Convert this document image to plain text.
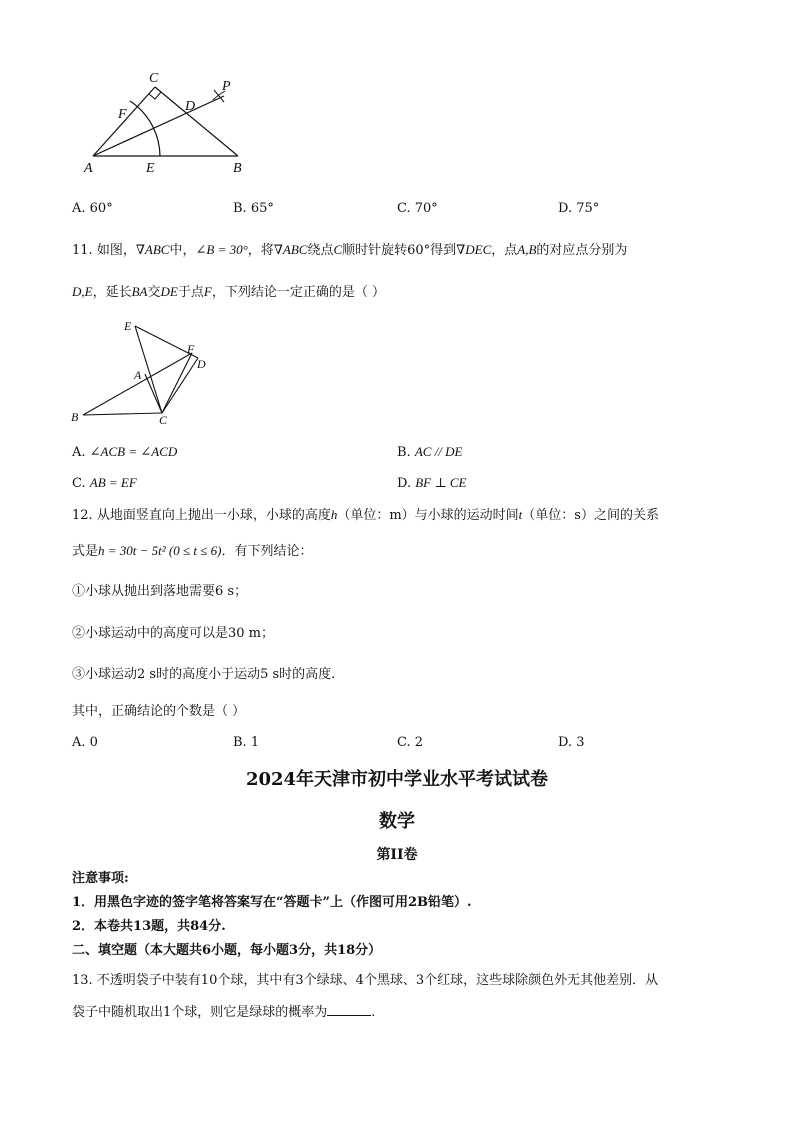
A	E	B
C
F
D
P
A. 60°	B. 65°	C. 70°	D. 75°
11. 如图，∇ABC中，∠B = 30°，将∇ABC绕点C顺时针旋转60°得到∇DEC，点A,B的对应点分别为
D,E，延长BA交DE于点F，下列结论一定正确的是（ ）
E
F
D
A
B	C
A. ∠ACB = ∠ACD	B. AC // DE
C. AB = EF	D. BF ⊥ CE
12. 从地面竖直向上抛出一小球，小球的高度h（单位：m）与小球的运动时间t（单位：s）之间的关系
式是h = 30t − 5t² (0 ≤ t ≤ 6)．有下列结论：
①小球从抛出到落地需要6 s；
②小球运动中的高度可以是30 m；
③小球运动2 s时的高度小于运动5 s时的高度.
其中，正确结论的个数是（ ）
A. 0	B. 1	C. 2	D. 3
2024年天津市初中学业水平考试试卷
数学
第II卷
注意事项:
1．用黑色字迹的签字笔将答案写在“答题卡”上（作图可用2B铅笔）.
2．本卷共13题，共84分.
二、填空题（本大题共6小题，每小题3分，共18分）
13. 不透明袋子中装有10个球，其中有3个绿球、4个黑球、3个红球，这些球除颜色外无其他差别．从
袋子中随机取出1个球，则它是绿球的概率为	.
